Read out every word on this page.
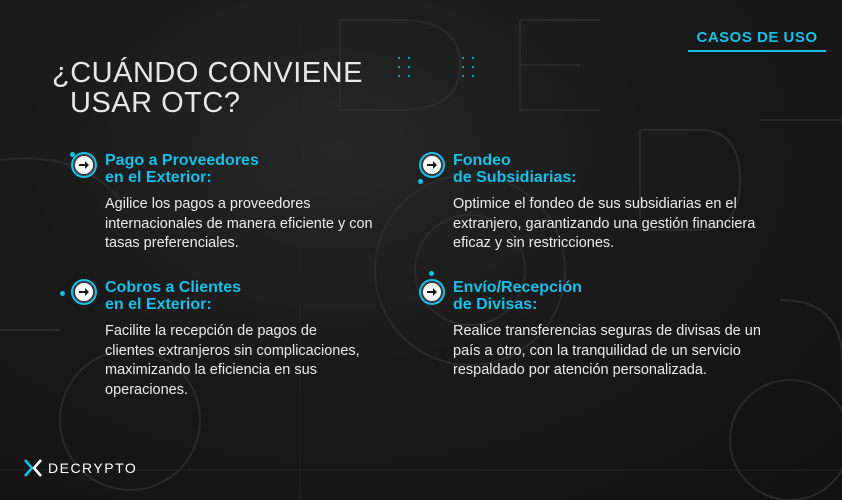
CASOS DE USO
¿CUÁNDO CONVIENE
USAR OTC?
Pago a Proveedores
en el Exterior:

Agilice los pagos a proveedores internacionales de manera eficiente y con tasas preferenciales.

Fondeo
de Subsidiarias:

Optimice el fondeo de sus subsidiarias en el extranjero, garantizando una gestión financiera eficaz y sin restricciones.

Cobros a Clientes
en el Exterior:

Facilite la recepción de pagos de clientes extranjeros sin complicaciones, maximizando la eficiencia en sus operaciones.

Envío/Recepción
de Divisas:

Realice transferencias seguras de divisas de un país a otro, con la tranquilidad de un servicio respaldado por atención personalizada.

DECRYPTO
